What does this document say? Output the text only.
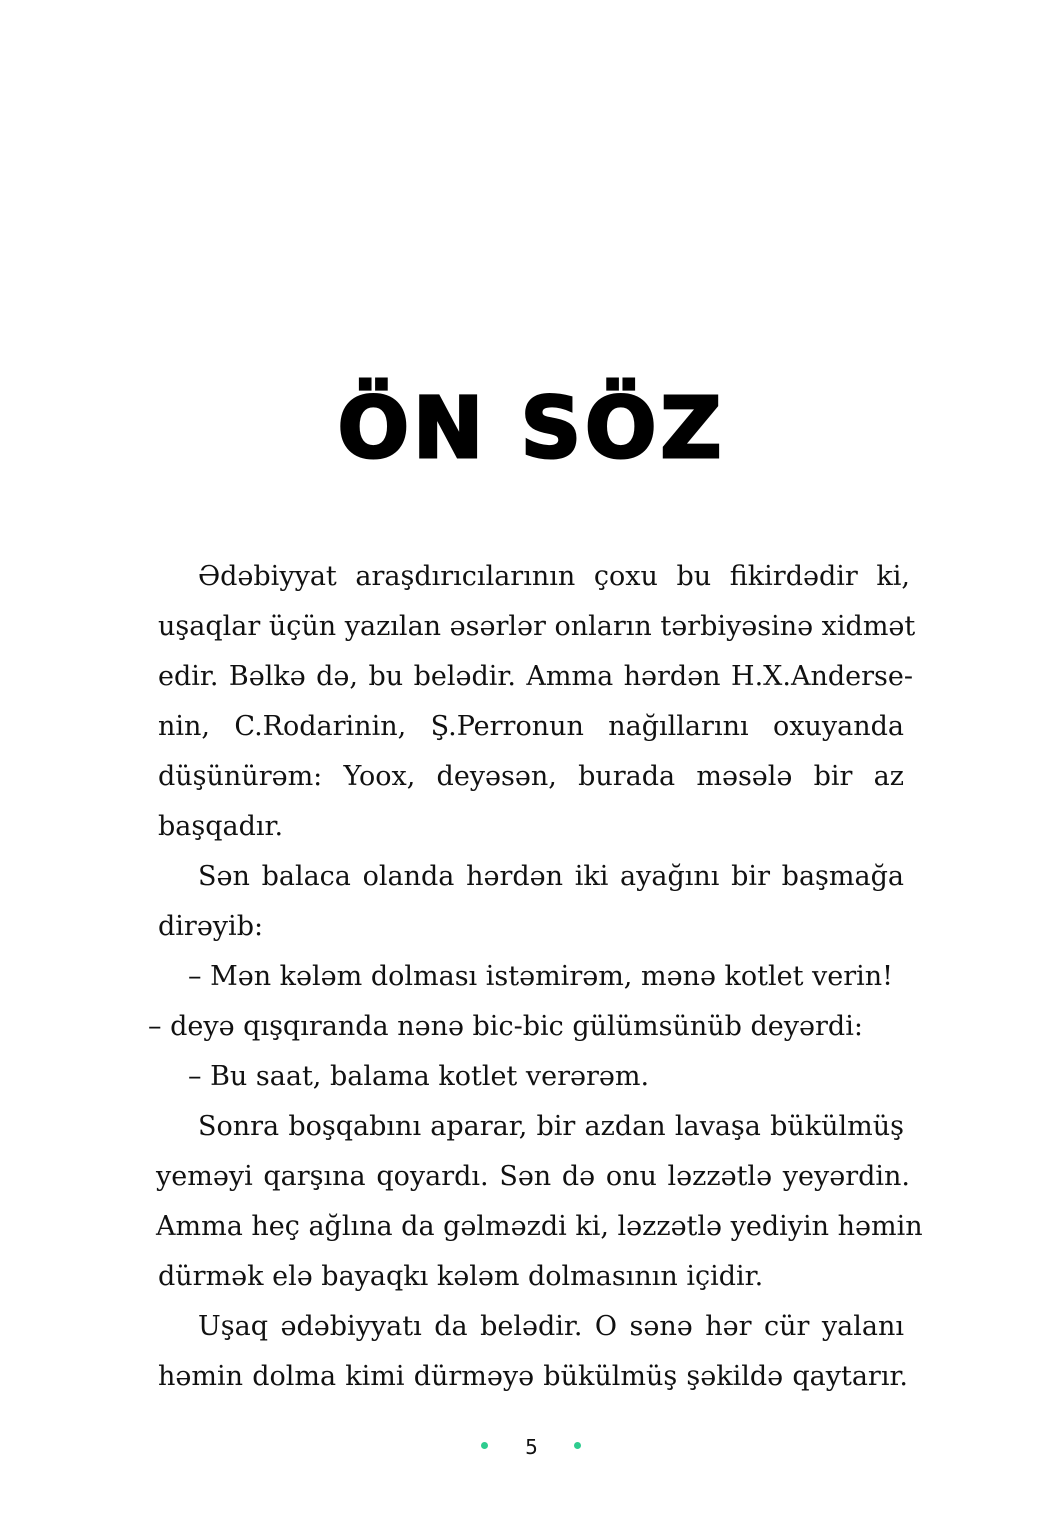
ÖN SÖZ
Ədəbiyyat araşdırıcılarının çoxu bu fikirdədir ki,
uşaqlar üçün yazılan əsərlər onların tərbiyəsinə xidmət
edir. Bəlkə də, bu belədir. Amma hərdən H.X.Anderse-
nin, C.Rodarinin, Ş.Perronun nağıllarını oxuyanda
düşünürəm: Yoox, deyəsən, burada məsələ bir az
başqadır.
Sən balaca olanda hərdən iki ayağını bir başmağa
dirəyib:
– Mən kələm dolması istəmirəm, mənə kotlet verin!
– deyə qışqıranda nənə bic-bic gülümsünüb deyərdi:
– Bu saat, balama kotlet verərəm.
Sonra boşqabını aparar, bir azdan lavaşa bükülmüş
yeməyi qarşına qoyardı. Sən də onu ləzzətlə yeyərdin.
Amma heç ağlına da gəlməzdi ki, ləzzətlə yediyin həmin
dürmək elə bayaqkı kələm dolmasının içidir.
Uşaq ədəbiyyatı da belədir. O sənə hər cür yalanı
həmin dolma kimi dürməyə bükülmüş şəkildə qaytarır.
5
